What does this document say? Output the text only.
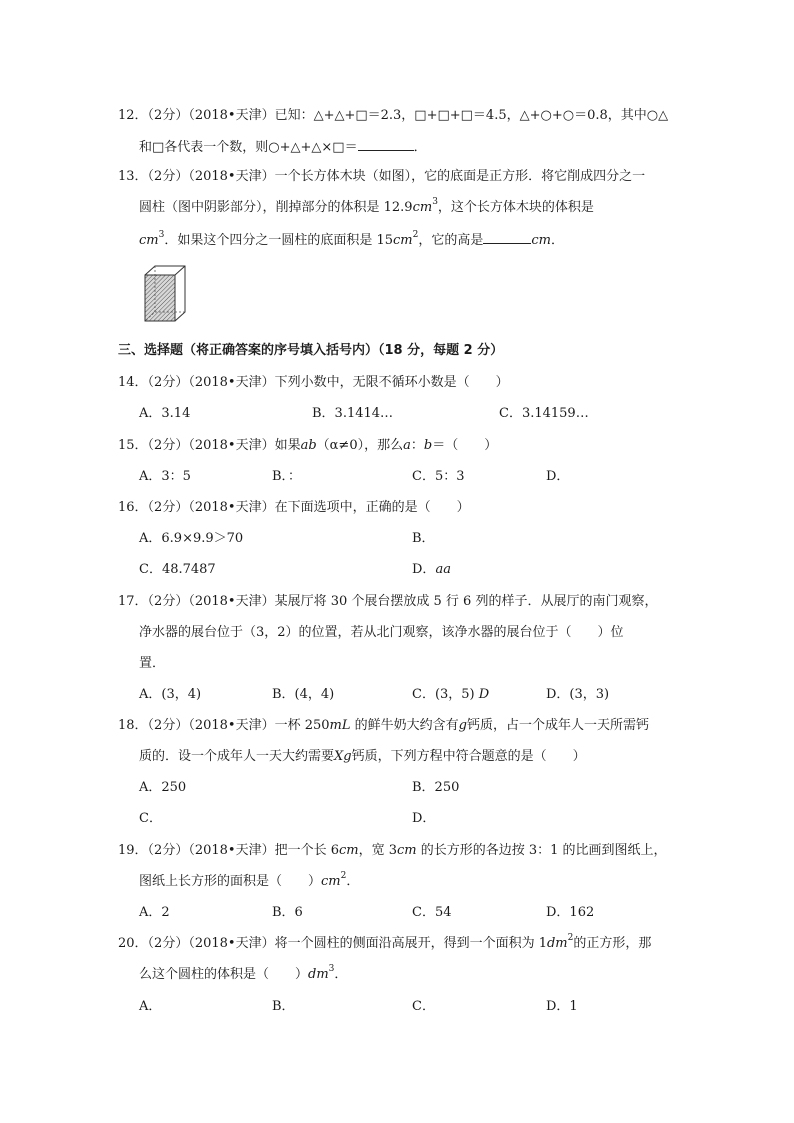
12．（2分）（2018•天津）已知：△+△+□＝2.3，□+□+□＝4.5，△+○+○＝0.8，其中○△
和□各代表一个数，则○+△+△×□＝	．
13．（2分）（2018•天津）一个长方体木块（如图），它的底面是正方形．将它削成四分之一
圆柱（图中阴影部分），削掉部分的体积是 $12.9cm^3$，这个长方体木块的体积是
$cm^3$．如果这个四分之一圆柱的底面积是 $15cm^2$，它的高是	cm．
三、选择题（将正确答案的序号填入括号内）（18 分，每题 2 分）
14．（2分）（2018•天津）下列小数中，无限不循环小数是（　　）
A．3.14	B．3.1414…	C．3.14159…
15．（2分）（2018•天津）如果ab（α≠0），那么a：b＝（　　）
A．3：5	B．：	C．5：3	D．
16．（2分）（2018•天津）在下面选项中，正确的是（　　）
A．6.9×9.9＞70	B．
C．48.7487	D．aa
17．（2分）（2018•天津）某展厅将 30 个展台摆放成 5 行 6 列的样子．从展厅的南门观察，
净水器的展台位于（3，2）的位置，若从北门观察，该净水器的展台位于（　　）位
置．
A．(3，4)	B．(4，4)	C．(3，5) D	D．(3，3)
18．（2分）（2018•天津）一杯 250mL 的鲜牛奶大约含有g钙质，占一个成年人一天所需钙
质的．设一个成年人一天大约需要Xg钙质，下列方程中符合题意的是（　　）
A．250	B．250
C．	D．
19．（2分）（2018•天津）把一个长 6cm，宽 3cm 的长方形的各边按 3：1 的比画到图纸上，
图纸上长方形的面积是（　　）$cm^2$．
A．2	B．6	C．54	D．162
20．（2分）（2018•天津）将一个圆柱的侧面沿高展开，得到一个面积为 $1dm^2$的正方形，那
么这个圆柱的体积是（　　）$dm^3$．
A．	B．	C．	D．1
